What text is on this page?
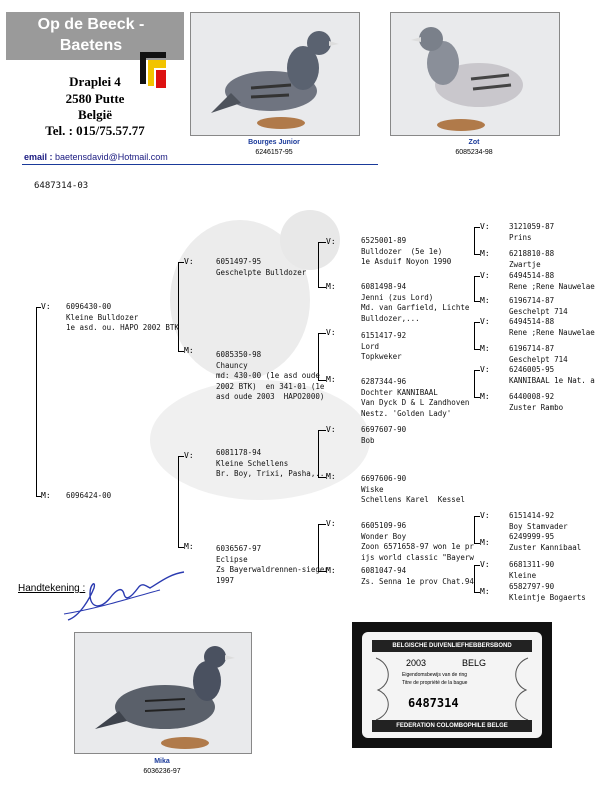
Op de Beeck -
Baetens
Draplei 4
2580 Putte
België
Tel. : 015/75.57.77
email : baetensdavid@Hotmail.com
Bourges Junior
6246157-95
Zot
6085234-98
6487314-03
V:
M:
V:
M:
V:
M:
V:
M:
V:
M:
V:
M:
V:
M:
V:
M:
V:
M:
V:
M:
V:
M:
V:
M:
V:
M:
6096430-00
Kleine Bulldozer
1e asd. ou. HAPO 2002 BTK
6096424-00
6051497-95
Geschelpte Bulldozer
6085350-98
Chauncy
md: 430-00 (1e asd oude
2002 BTK)  en 341-01 (1e
asd oude 2003  HAPO2000)
6081178-94
Kleine Schellens
Br. Boy, Trixi, Pasha,...
6036567-97
Eclipse
Zs Bayerwaldrennen-sieger
1997
6525001-89
Bulldozer  (5e 1e)
1e Asduif Noyon 1990
6081498-94
Jenni (zus Lord)
Md. van Garfield, Lichte
Bulldozer,...
6151417-92
Lord
Topkweker
6287344-96
Dochter KANNIBAAL
Van Dyck D & L Zandhoven
Nestz. 'Golden Lady'
6697607-90
Bob
6697606-90
Wiske
Schellens Karel  Kessel
6605109-96
Wonder Boy
Zoon 6571658-97 won 1e pr
ijs world classic "Bayerw
6081047-94
Zs. Senna 1e prov Chat.94
3121059-87
Prins
6218810-88
Zwartje
6494514-88
Rene ;Rene Nauwelae
6196714-87
Geschelpt 714
6494514-88
Rene ;Rene Nauwelae
6196714-87
Geschelpt 714
6246005-95
KANNIBAAL 1e Nat. a
6440008-92
Zuster Rambo
6151414-92
Boy Stamvader
6249999-95
Zuster Kannibaal
6681311-90
Kleine
6582797-90
Kleintje Bogaerts
Handtekening :
Mika
6036236-97
BELGISCHE DUIVENLIEFHEBBERSBOND
2003	BELG
Eigendomsbewijs van de ring
Titre de propriété de la bague
6487314
FEDERATION COLOMBOPHILE BELGE
